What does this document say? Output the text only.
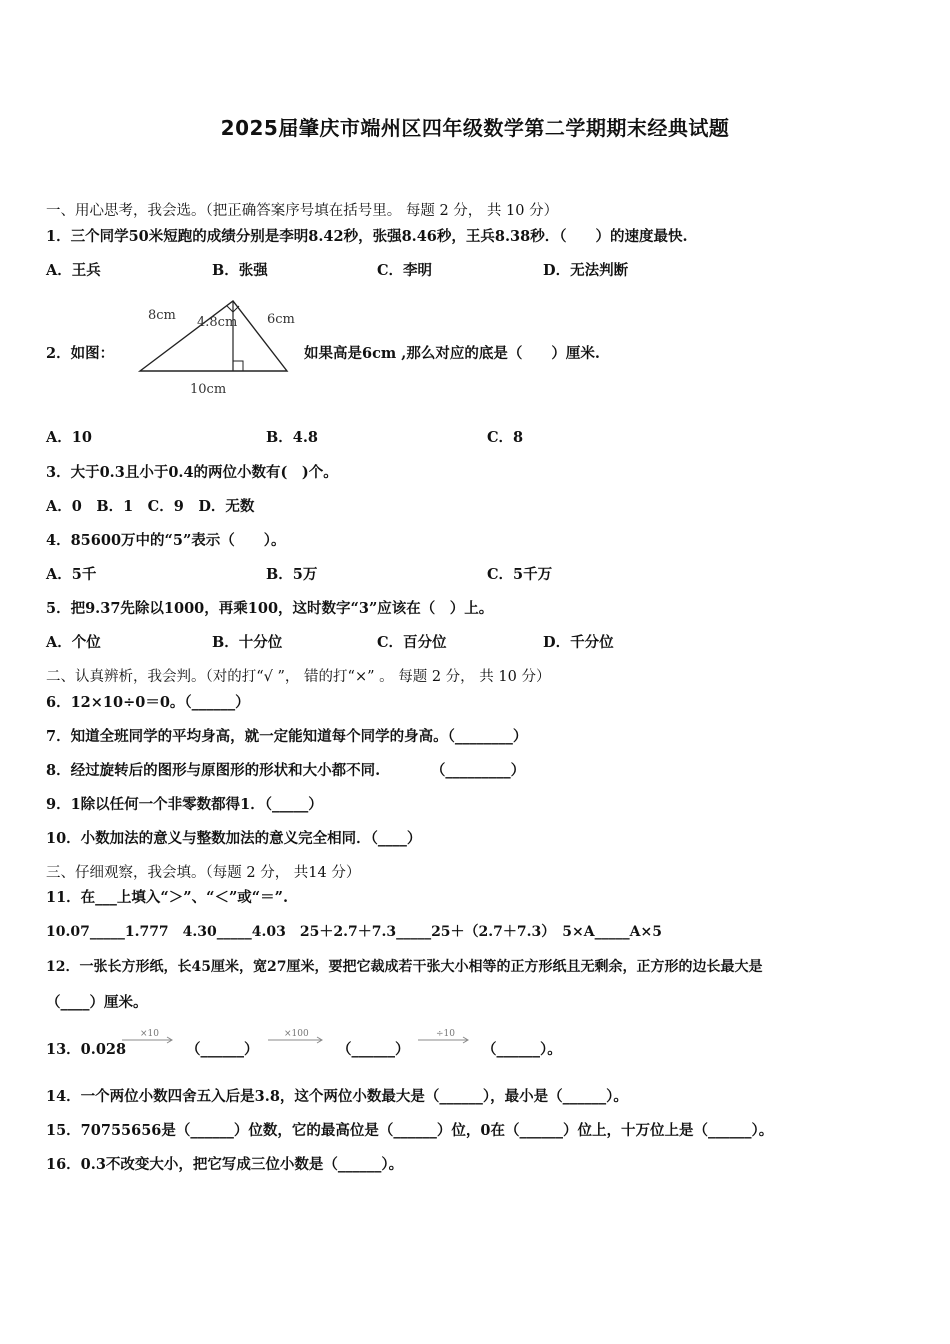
2025届肇庆市端州区四年级数学第二学期期末经典试题
一、用心思考，我会选。（把正确答案序号填在括号里。 每题 2 分， 共 10 分）
1．三个同学50米短跑的成绩分别是李明8.42秒，张强8.46秒，王兵8.38秒．（　　）的速度最快.
A．王兵	B．张强	C．李明	D．无法判断
2．如图：
8cm 4.8cm 6cm
10cm
如果高是6cm ,那么对应的底是（　　）厘米.
A．10	B．4.8	C．8
3．大于0.3且小于0.4的两位小数有(　)个。
A．0　B．1　C．9　D．无数
4．85600万中的“5”表示（　　）。
A．5千	B．5万	C．5千万
5．把9.37先除以1000，再乘100，这时数字“3”应该在（　）上。
A．个位	B．十分位	C．百分位	D．千分位
二、认真辨析，我会判。（对的打“√ ”， 错的打“×” 。 每题 2 分， 共 10 分）
6．12×10÷0＝0。（______）
7．知道全班同学的平均身高，就一定能知道每个同学的身高。（________）
8．经过旋转后的图形与原图形的形状和大小都不同.　　　　（_________）
9．1除以任何一个非零数都得1．（_____）
10．小数加法的意义与整数加法的意义完全相同．（____）
三、仔细观察，我会填。（每题 2 分， 共14 分）
11．在___上填入“＞”、“＜”或“＝”.
10.07_____1.777　4.30_____4.03　25＋2.7＋7.3_____25＋（2.7＋7.3）　5×A_____A×5
12．一张长方形纸，长45厘米，宽27厘米，要把它裁成若干张大小相等的正方形纸且无剩余，正方形的边长最大是
（____）厘米。
13．0.028
×10
（______）
×100
（______）
÷10
（______）。
14．一个两位小数四舍五入后是3.8，这个两位小数最大是（______），最小是（______）。
15．70755656是（______）位数，它的最高位是（______）位，0在（______）位上，十万位上是（______）。
16．0.3不改变大小，把它写成三位小数是（______）。
